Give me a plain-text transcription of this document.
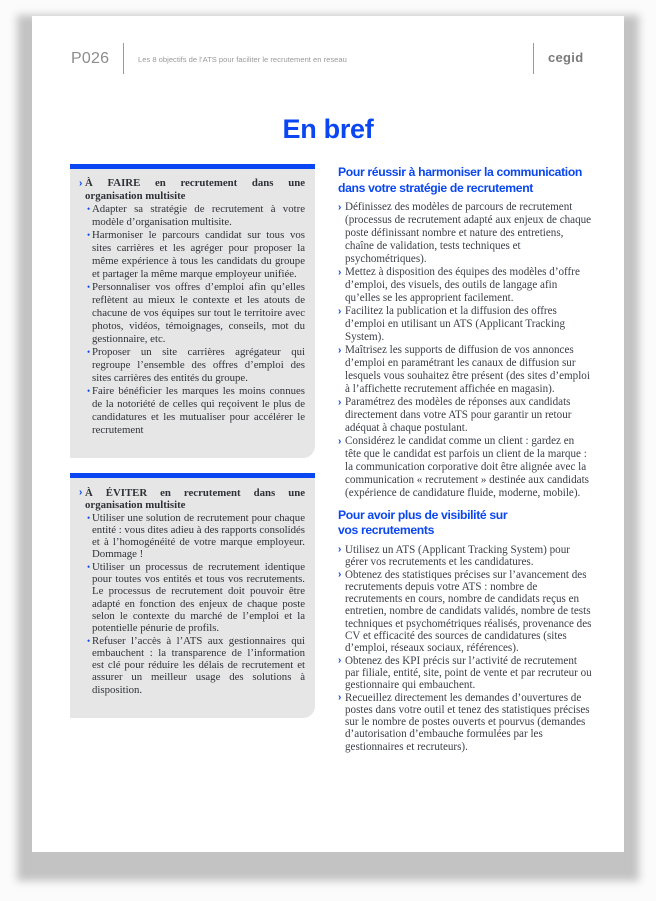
P026	Les 8 objectifs de l’ATS pour faciliter le recrutement en reseau	cegid
En bref
›
À FAIRE en recrutement dans une organisation multisite
•
Adapter sa stratégie de recrutement à votre modèle d’organisation multisite.
•
Harmoniser le parcours candidat sur tous vos sites carrières et les agréger pour proposer la même expérience à tous les candidats du groupe et partager la même marque employeur unifiée.
•
Personnaliser vos offres d’emploi afin qu’elles reflètent au mieux le contexte et les atouts de chacune de vos équipes sur tout le territoire avec photos, vidéos, témoignages, conseils, mot du gestionnaire, etc.
•
Proposer un site carrières agrégateur qui regroupe l’ensemble des offres d’emploi des sites carrières des entités du groupe.
•
Faire bénéficier les marques les moins connues de la notoriété de celles qui reçoivent le plus de candidatures et les mutualiser pour accélérer le recrutement
›
À ÉVITER en recrutement dans une organisation multisite
•
Utiliser une solution de recrutement pour chaque entité : vous dites adieu à des rapports consolidés et à l’homogénéité de votre marque employeur. Dommage !
•
Utiliser un processus de recrutement identique pour toutes vos entités et tous vos recrutements. Le processus de recrutement doit pouvoir être adapté en fonction des enjeux de chaque poste selon le contexte du marché de l’emploi et la potentielle pénurie de profils.
•
Refuser l’accès à l’ATS aux gestionnaires qui embauchent : la transparence de l’information est clé pour réduire les délais de recrutement et assurer un meilleur usage des solutions à disposition.
Pour réussir à harmoniser la communication
dans votre stratégie de recrutement
›
Définissez des modèles de parcours de recrutement (processus de recrutement adapté aux enjeux de chaque poste définissant nombre et nature des entretiens, chaîne de validation, tests techniques et psychométriques).
›
Mettez à disposition des équipes des modèles d’offre d’emploi, des visuels, des outils de langage afin qu’elles se les approprient facilement.
›
Facilitez la publication et la diffusion des offres d’emploi en utilisant un ATS (Applicant Tracking System).
›
Maîtrisez les supports de diffusion de vos annonces d’emploi en paramétrant les canaux de diffusion sur lesquels vous souhaitez être présent (des sites d’emploi à l’affichette recrutement affichée en magasin).
›
Paramétrez des modèles de réponses aux candidats directement dans votre ATS pour garantir un retour adéquat à chaque postulant.
›
Considérez le candidat comme un client : gardez en tête que le candidat est parfois un client de la marque : la communication corporative doit être alignée avec la communication « recrutement » destinée aux candidats (expérience de candidature fluide, moderne, mobile).
Pour avoir plus de visibilité sur
vos recrutements
›
Utilisez un ATS (Applicant Tracking System) pour gérer vos recrutements et les candidatures.
›
Obtenez des statistiques précises sur l’avancement des recrutements depuis votre ATS : nombre de recrutements en cours, nombre de candidats reçus en entretien, nombre de candidats validés, nombre de tests techniques et psychométriques réalisés, provenance des CV et efficacité des sources de candidatures (sites d’emploi, réseaux sociaux, références).
›
Obtenez des KPI précis sur l’activité de recrutement par filiale, entité, site, point de vente et par recruteur ou gestionnaire qui embauchent.
›
Recueillez directement les demandes d’ouvertures de postes dans votre outil et tenez des statistiques précises sur le nombre de postes ouverts et pourvus (demandes d’autorisation d’embauche formulées par les gestionnaires et recruteurs).
